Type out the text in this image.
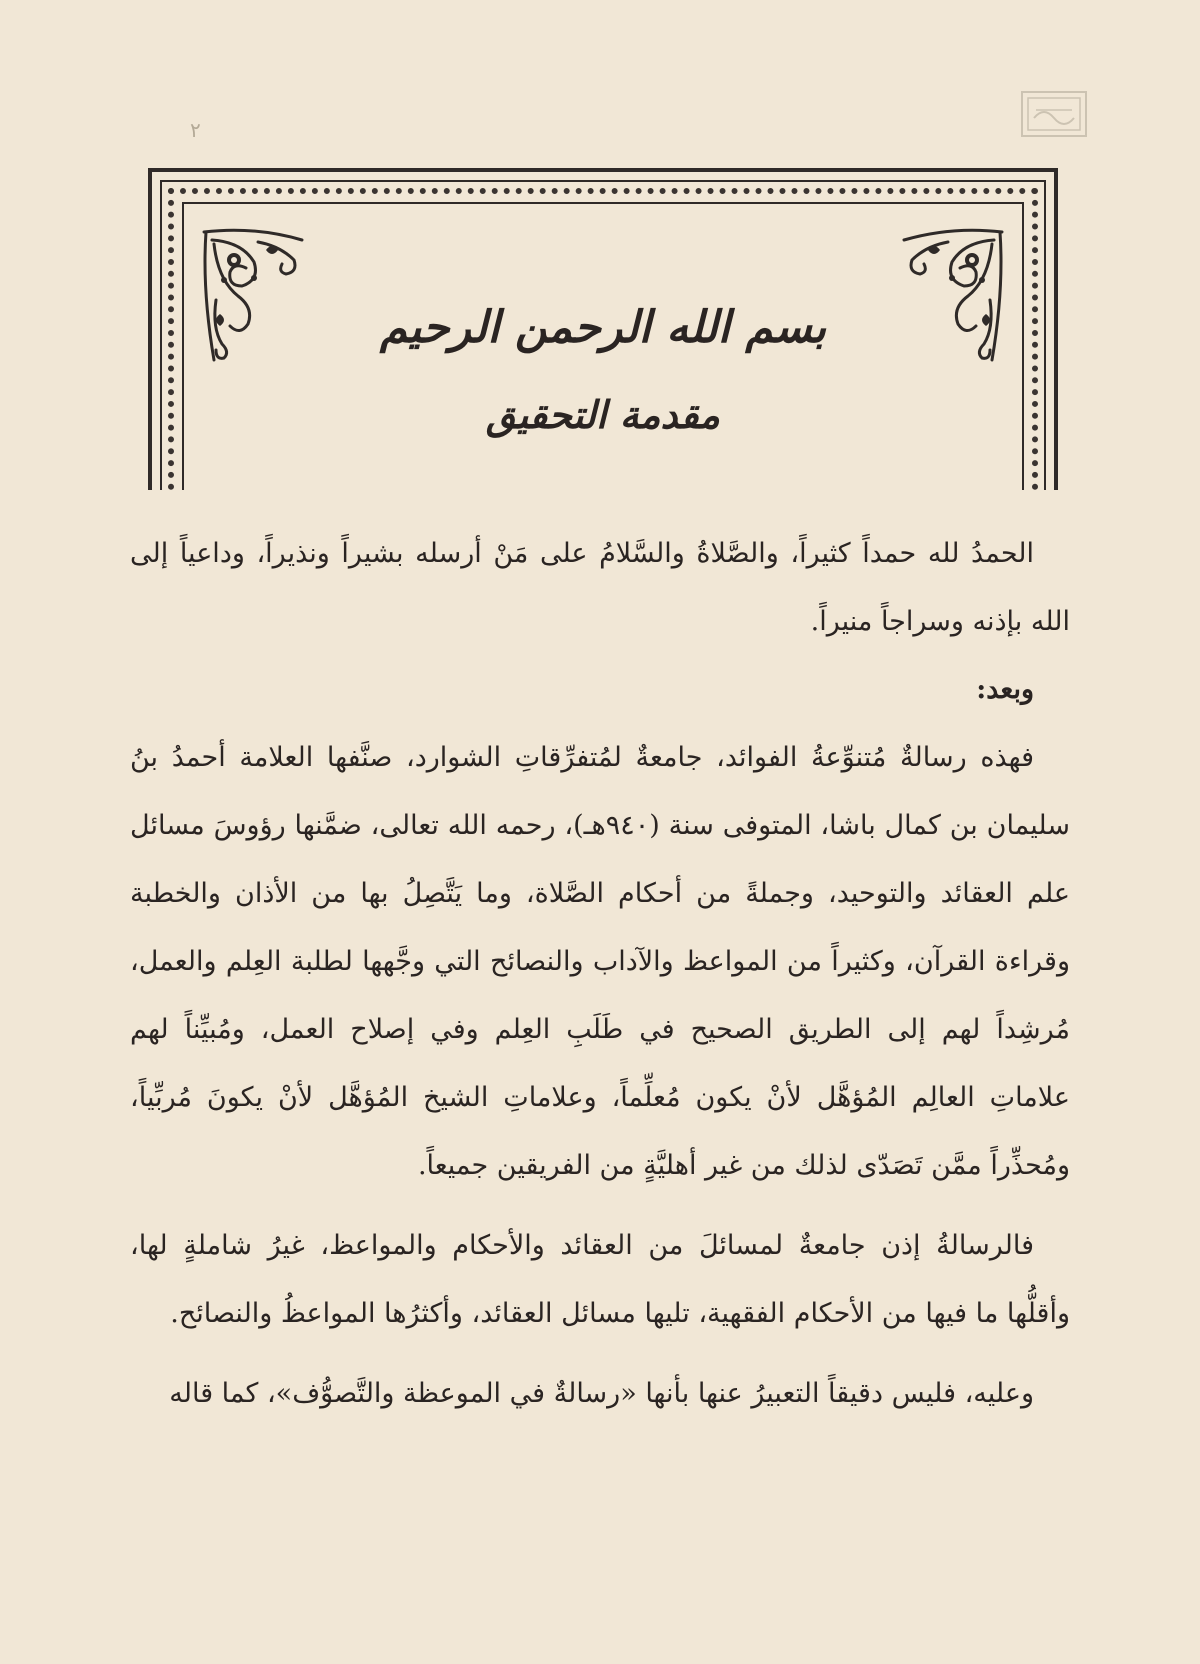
٢
بسم الله الرحمن الرحيم
مقدمة التحقيق

الحمدُ لله حمداً كثيراً، والصَّلاةُ والسَّلامُ على مَنْ أرسله بشيراً ونذيراً، وداعياً إلى الله بإذنه وسراجاً منيراً.

وبعد:

فهذه رسالةٌ مُتنوِّعةُ الفوائد، جامعةٌ لمُتفرِّقاتِ الشوارد، صنَّفها العلامة أحمدُ بنُ سليمان بن كمال باشا، المتوفى سنة (٩٤٠هـ)، رحمه الله تعالى، ضمَّنها رؤوسَ مسائل علم العقائد والتوحيد، وجملةً من أحكام الصَّلاة، وما يَتَّصِلُ بها من الأذان والخطبة وقراءة القرآن، وكثيراً من المواعظ والآداب والنصائح التي وجَّهها لطلبة العِلم والعمل، مُرشِداً لهم إلى الطريق الصحيح في طَلَبِ العِلم وفي إصلاح العمل، ومُبيِّناً لهم علاماتِ العالِم المُؤهَّل لأنْ يكون مُعلِّماً، وعلاماتِ الشيخ المُؤهَّل لأنْ يكونَ مُربِّياً، ومُحذِّراً ممَّن تَصَدّى لذلك من غير أهليَّةٍ من الفريقين جميعاً.

فالرسالةُ إذن جامعةٌ لمسائلَ من العقائد والأحكام والمواعظ، غيرُ شاملةٍ لها، وأقلُّها ما فيها من الأحكام الفقهية، تليها مسائل العقائد، وأكثرُها المواعظُ والنصائح.

وعليه، فليس دقيقاً التعبيرُ عنها بأنها «رسالةٌ في الموعظة والتَّصوُّف»، كما قاله
